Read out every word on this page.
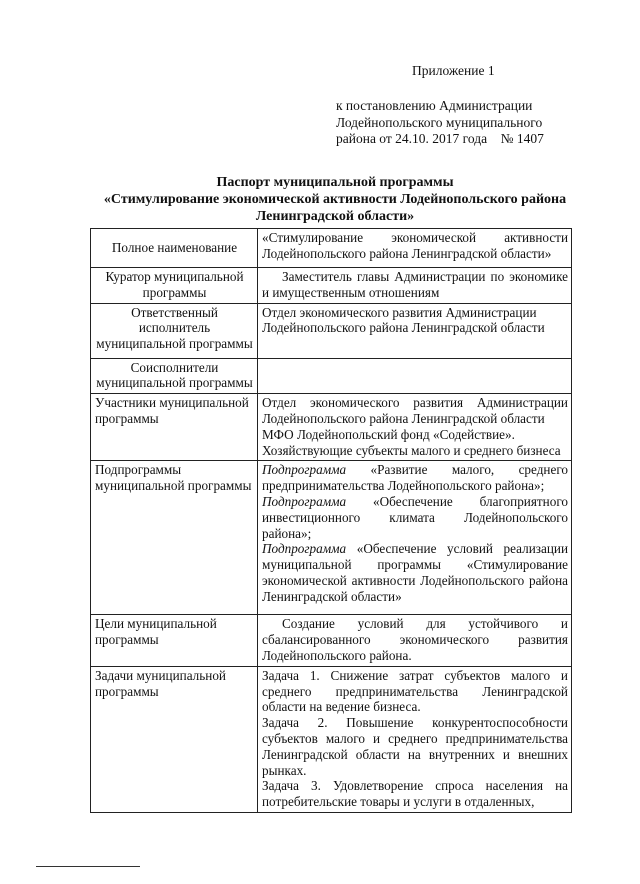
Приложение 1
к постановлению Администрации
Лодейнопольского муниципального
района от 24.10. 2017 года    № 1407
Паспорт муниципальной программы
«Стимулирование экономической активности Лодейнопольского района
Ленинградской области»
Полное наименование	«Стимулирование экономической активности Лодейнопольского района Ленинградской области»
Куратор муниципальной программы	Заместитель главы Администрации по экономике и имущественным отношениям
Ответственный исполнитель муниципальной программы	Отдел экономического развития Администрации Лодейнопольского района Ленинградской области
Соисполнители муниципальной программы	
Участники муниципальной программы	Отдел экономического развития Администрации Лодейнопольского района Ленинградской области
МФО Лодейнопольский фонд «Содействие».
Хозяйствующие субъекты малого и среднего бизнеса

Подпрограммы муниципальной программы	Подпрограмма «Развитие малого, среднего предпринимательства Лодейнопольского района»;
Подпрограмма «Обеспечение благоприятного инвестиционного климата Лодейнопольского района»;
Подпрограмма «Обеспечение условий реализации муниципальной программы «Стимулирование экономической активности Лодейнопольского района Ленинградской области»

Цели муниципальной программы	Создание условий для устойчивого и сбалансированного экономического развития Лодейнопольского района.
Задачи муниципальной программы	Задача 1. Снижение затрат субъектов малого и среднего предпринимательства Ленинградской области на ведение бизнеса.
Задача 2. Повышение конкурентоспособности субъектов малого и среднего предпринимательства Ленинградской области на внутренних и внешних рынках.
Задача 3. Удовлетворение спроса населения на потребительские товары и услуги в отдаленных,
